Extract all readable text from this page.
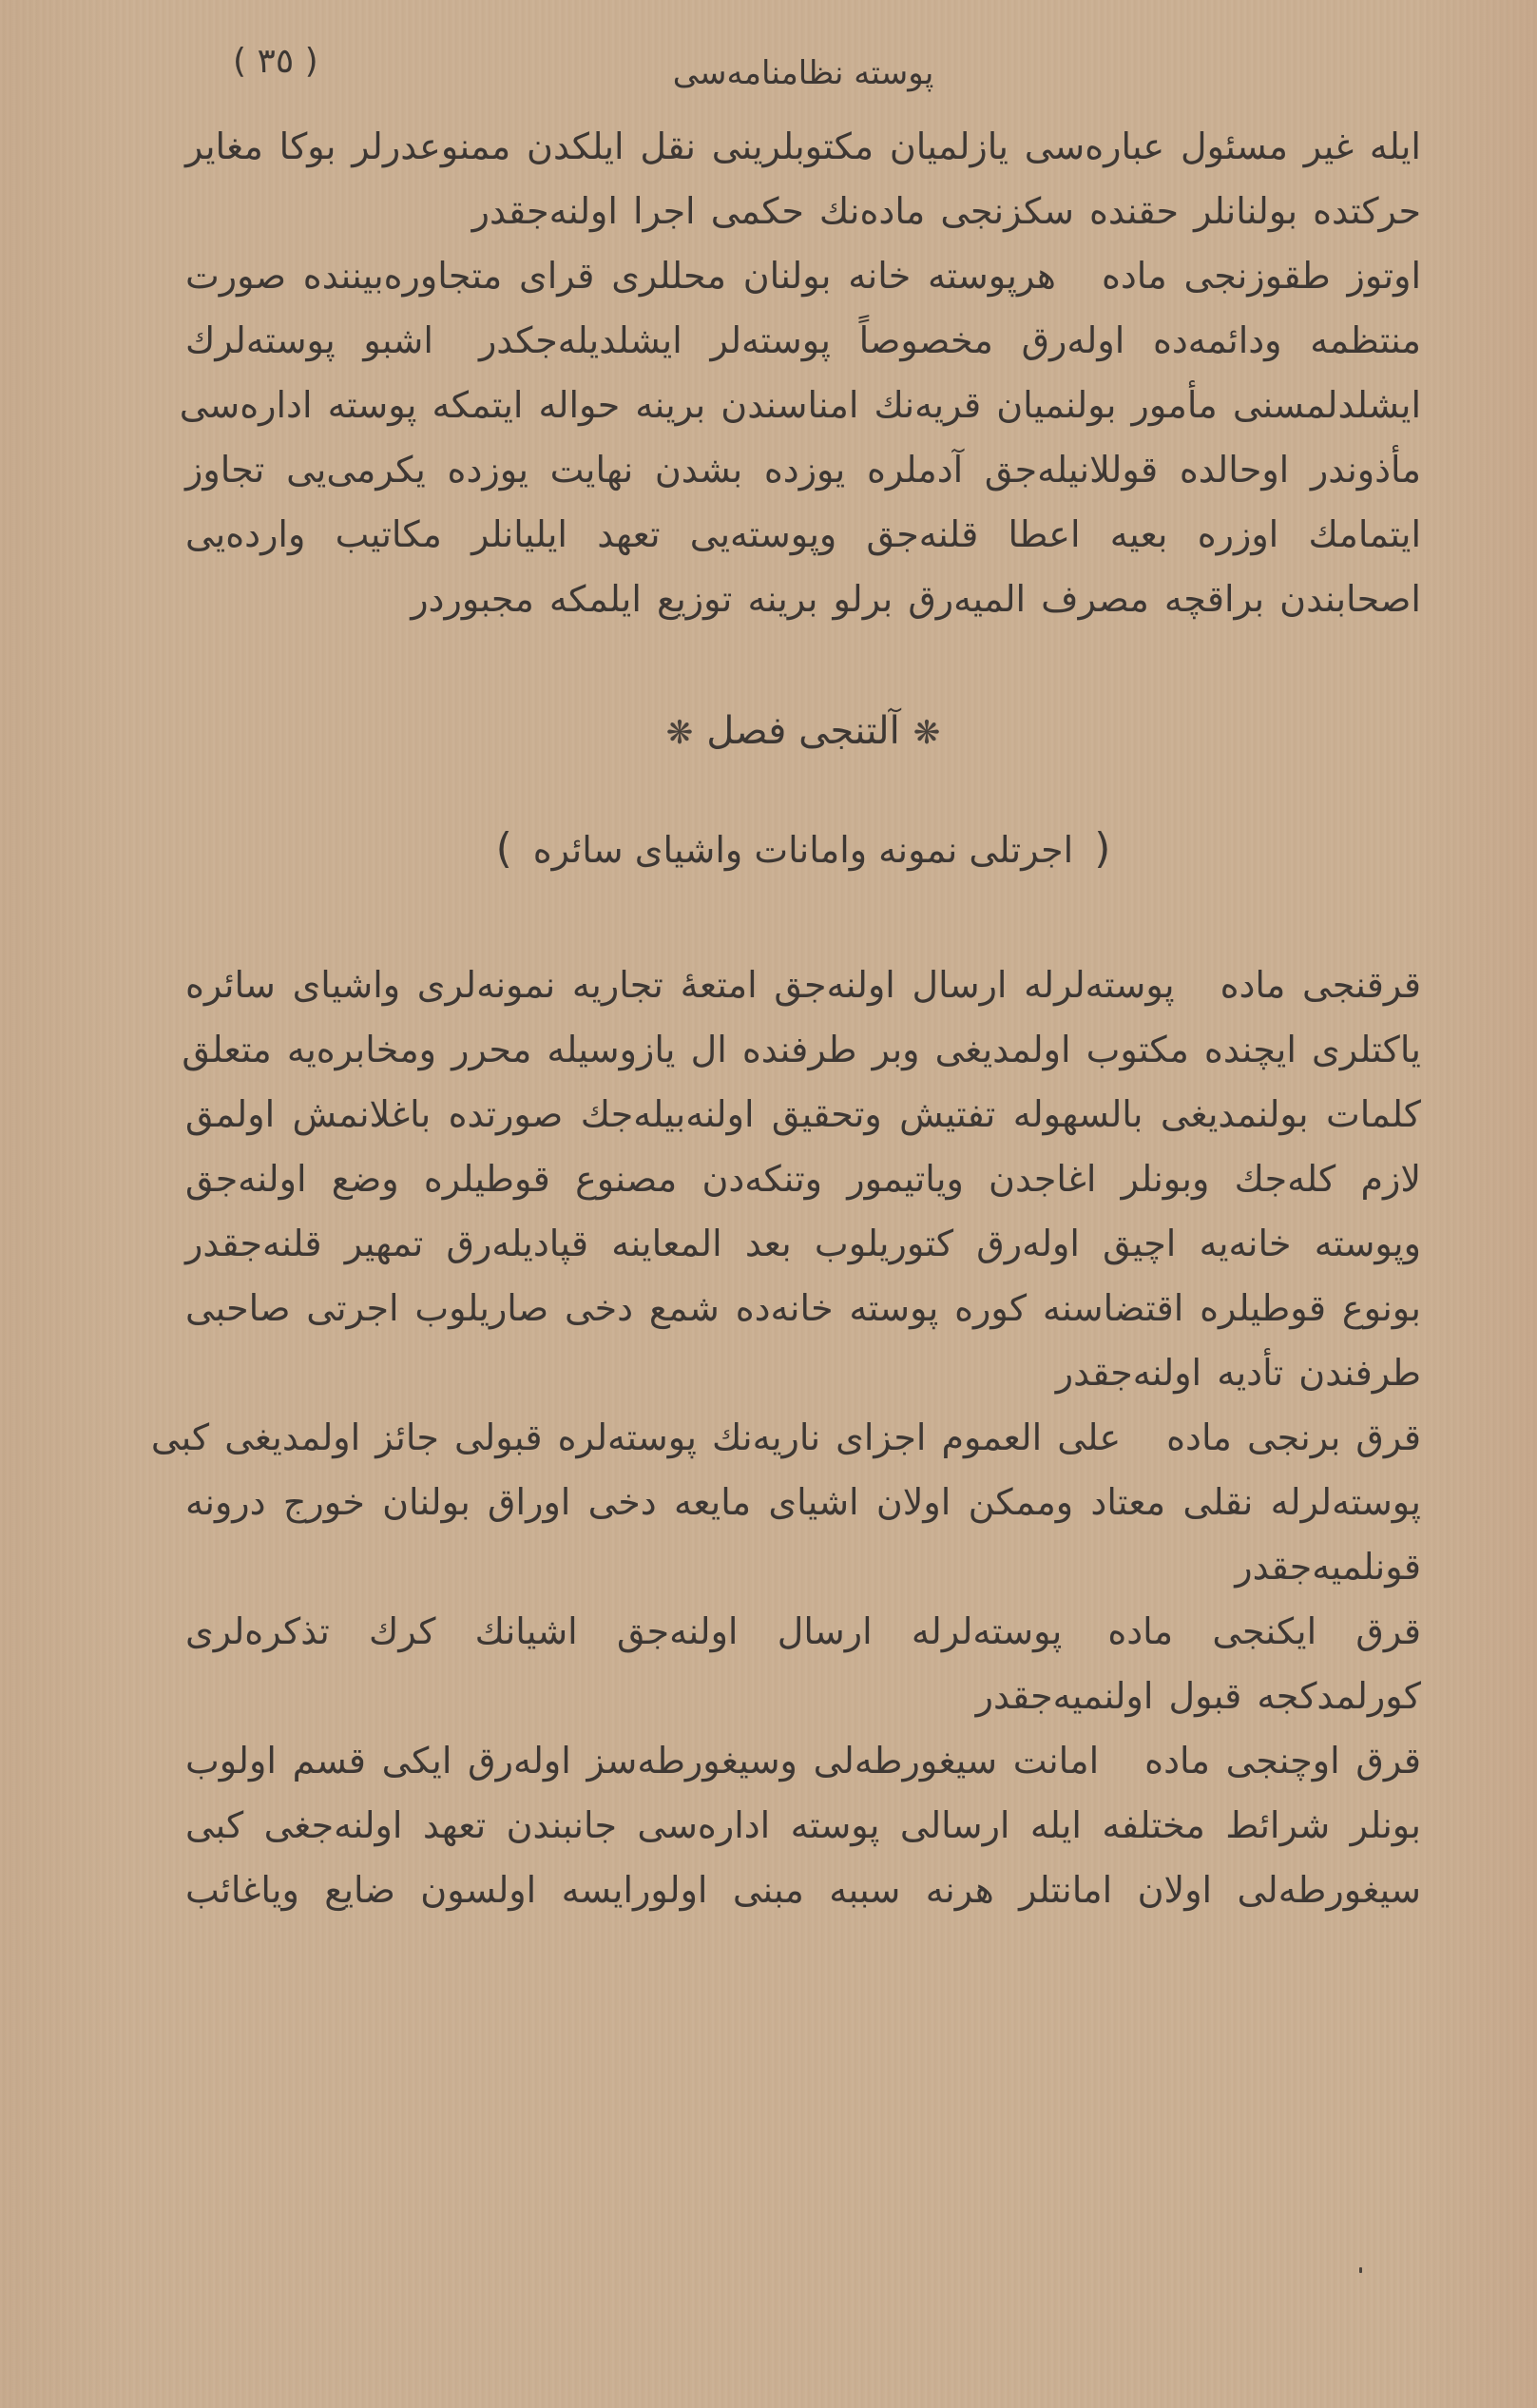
پوسته نظامنامه‌سی
( ٣٥ )
ایله غیر مسئول عباره‌سی یازلمیان مکتوبلرینی نقل ایلکدن ممنوعدرلر بوکا مغایر
حرکتده بولنانلر حقنده سکزنجی ماده‌نك حکمی اجرا اولنه‌جقدر
اوتوز طقوزنجی مادههرپوسته خانه بولنان محللری قرای متجاوره‌بیننده صورت
منتظمه ودائمه‌ده اوله‌رق مخصوصاً پوسته‌لر ایشلدیله‌جکدراشبو پوسته‌لرك
ایشلدلمسنی مأمور بولنمیان قریه‌نك امناسندن برینه حواله ایتمکه پوسته اداره‌سی
مأذوندر اوحالده قوللانیله‌جق آدملره یوزده بشدن نهایت یوزده یکرمی‌یی تجاوز
ایتمامك اوزره بعیه اعطا قلنه‌جق وپوسته‌یی تعهد ایلیانلر مکاتیب وارده‌یی
اصحابندن براقچه مصرف المیه‌رق برلو برینه توزیع ایلمکه مجبوردر
❋آلتنجی فصل❋
(اجرتلی نمونه وامانات واشیای سائره)
قرقنجی مادهپوسته‌لرله ارسال اولنه‌جق امتعهٔ تجاریه نمونه‌لری واشیای سائره
یاکتلری ایچنده مکتوب اولمدیغی وبر طرفنده ال یازوسیله محرر ومخابره‌یه متعلق
کلمات بولنمدیغی بالسهوله تفتیش وتحقیق اولنه‌بیله‌جك صورتده باغلانمش اولمق
لازم کله‌جك وبونلر اغاجدن ویاتیمور وتنکه‌دن مصنوع قوطیلره وضع اولنه‌جق
وپوسته خانه‌یه اچیق اوله‌رق کتوریلوب بعد المعاینه قپادیله‌رق تمهیر قلنه‌جقدر
بونوع قوطیلره اقتضاسنه کوره پوسته خانه‌ده شمع دخی صاریلوب اجرتی صاحبی
طرفندن تأدیه اولنه‌جقدر
قرق برنجی مادهعلی العموم اجزای ناریه‌نك پوسته‌لره قبولی جائز اولمدیغی کبی
پوسته‌لرله نقلی معتاد وممکن اولان اشیای مایعه دخی اوراق بولنان خورج درونه
قونلمیه‌جقدر
قرق ایکنجی مادهپوسته‌لرله ارسال اولنه‌جق اشیانك کرك تذکره‌لری
کورلمدکجه قبول اولنمیه‌جقدر
قرق اوچنجی مادهامانت سیغورطه‌لی وسیغورطه‌سز اوله‌رق ایکی قسم اولوب
بونلر شرائط مختلفه ایله ارسالی پوسته اداره‌سی جانبندن تعهد اولنه‌جغی کبی
سیغورطه‌لی اولان امانتلر هرنه سببه مبنی اولورایسه اولسون ضایع ویاغائب
